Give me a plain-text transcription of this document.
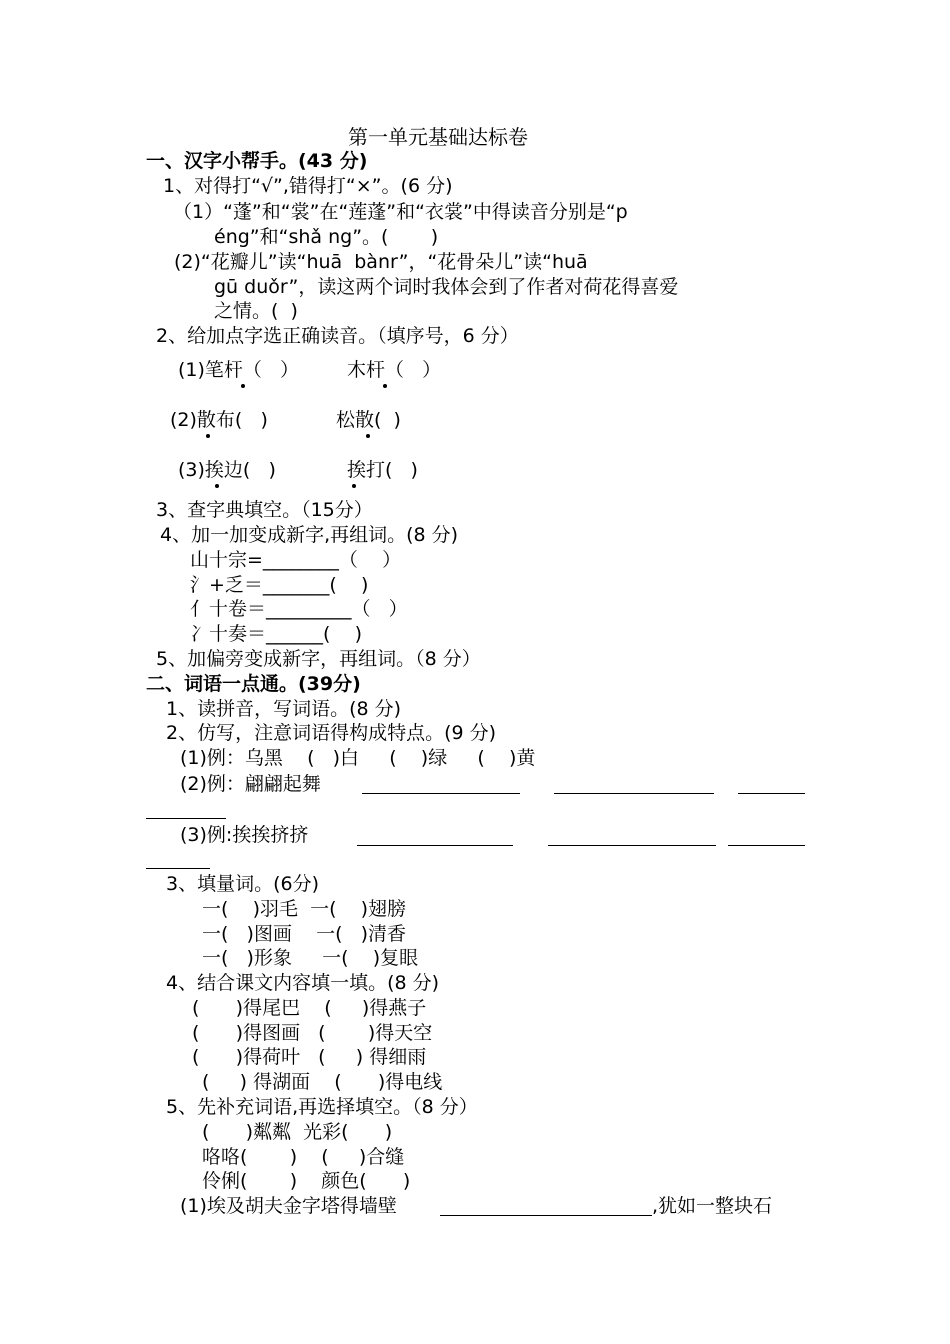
第一单元基础达标卷
一、汉字小帮手。(43 分)
1、对得打“√”,错得打“×”。(6 分)
（1）“蓬”和“裳”在“莲蓬”和“衣裳”中得读音分别是“p
éng”和“shǎ ng”。(       )
(2)“花瓣儿”读“huā  bànr”，“花骨朵儿”读“huā
gū duǒr”，读这两个词时我体会到了作者对荷花得喜爱
之情。(  )
2、给加点字选正确读音。（填序号，6 分）
(1)笔杆（   ）	木杆（   ）
(2)散布(   )	松散(  )
(3)挨边(   )	挨打(   )
3、查字典填空。（15分）
4、加一加变成新字,再组词。(8 分)
山十宗=________（    ）
氵+乏＝_______(    )
亻十卷＝_________（   ）
冫十奏＝______(    )
5、加偏旁变成新字，再组词。（8 分）
二、词语一点通。(39分)
1、读拼音，写词语。(8 分)
2、仿写，注意词语得构成特点。(9 分)
(1)例：乌黑    (   )白     (    )绿     (    )黄
(2)例：翩翩起舞
(3)例:挨挨挤挤
3、填量词。(6分)
一(    )羽毛  一(    )翅膀
一(   )图画    一(   )清香
一(   )形象     一(    )复眼
4、结合课文内容填一填。(8 分)
(      )得尾巴    (     )得燕子
(      )得图画   (       )得天空
(      )得荷叶   (     ) 得细雨
(     ) 得湖面    (      )得电线
5、先补充词语,再选择填空。（8 分）
(      )粼粼  光彩(      )
咯咯(       )    (     )合缝
伶俐(       )    颜色(      )
(1)埃及胡夫金字塔得墙壁	,犹如一整块石
